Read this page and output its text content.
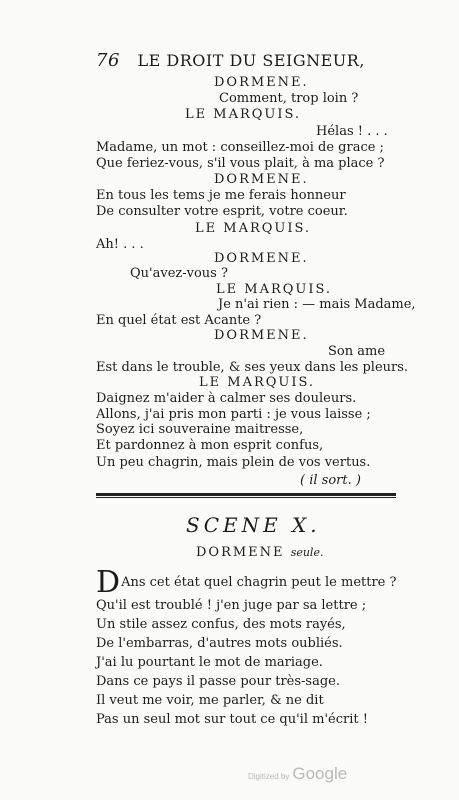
76 LE DROIT DU SEIGNEUR,
DORMENE.
Comment, trop loin ?
LE MARQUIS.
Hélas ! . . .
Madame, un mot : conseillez-moi de grace ;
Que feriez-vous, s'il vous plait, à ma place ?
DORMENE.
En tous les tems je me ferais honneur
De consulter votre esprit, votre coeur.
LE MARQUIS.
Ah! . . .
DORMENE.
Qu'avez-vous ?
LE MARQUIS.
Je n'ai rien : — mais Madame,
En quel état est Acante ?
DORMENE.
Son ame
Est dans le trouble, & ses yeux dans les pleurs.
LE MARQUIS.
Daignez m'aider à calmer ses douleurs.
Allons, j'ai pris mon parti : je vous laisse ;
Soyez ici souveraine maitresse,
Et pardonnez à mon esprit confus,
Un peu chagrin, mais plein de vos vertus.
( il sort. )
SCENE X.
DORMENE seule.
DAns cet état quel chagrin peut le mettre ?
Qu'il est troublé ! j'en juge par sa lettre ;
Un stile assez confus, des mots rayés,
De l'embarras, d'autres mots oubliés.
J'ai lu pourtant le mot de mariage.
Dans ce pays il passe pour très-sage.
Il veut me voir, me parler, & ne dit
Pas un seul mot sur tout ce qu'il m'écrit !
Digitized by Google
